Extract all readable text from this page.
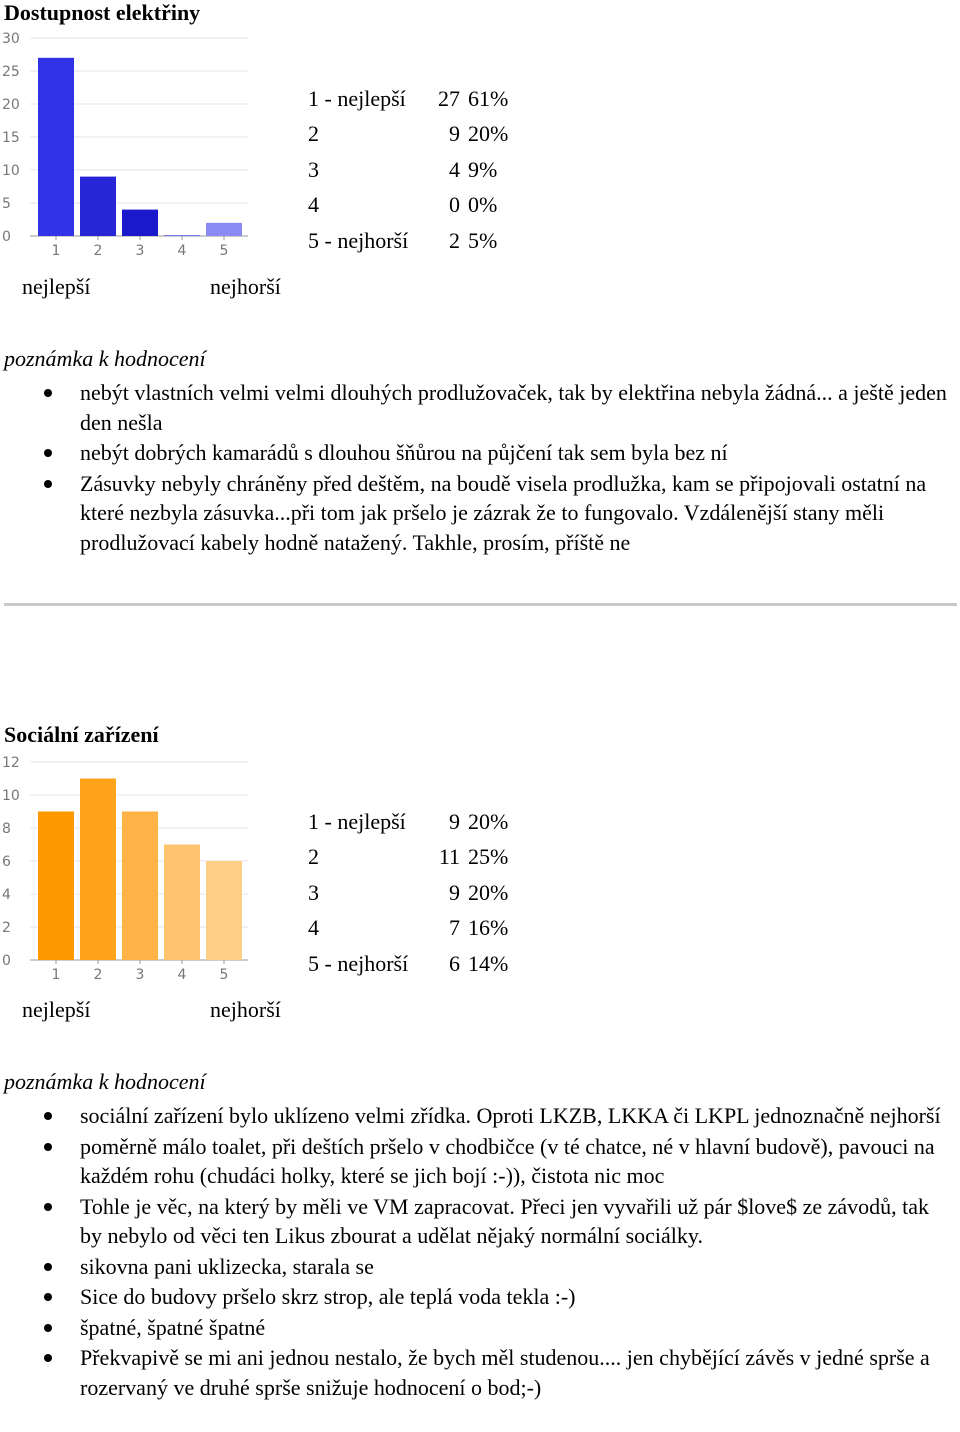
Dostupnost elektřiny
0
5
10
15
20
25
30
1 2 3 4 5
1 - nejlepší	27	61%
2	9	20%
3	4	9%
4	0	0%
5 - nejhorší	2	5%
nejlepší	nejhorší
poznámka k hodnocení
nebýt vlastních velmi velmi dlouhých prodlužovaček, tak by elektřina nebyla žádná... a ještě jeden den nešla
nebýt dobrých kamarádů s dlouhou šňůrou na půjčení tak sem byla bez ní
Zásuvky nebyly chráněny před deštěm, na boudě visela prodlužka, kam se připojovali ostatní na které nezbyla zásuvka...při tom jak pršelo je zázrak že to fungovalo. Vzdálenější stany měli prodlužovací kabely hodně natažený. Takhle, prosím, příště ne
Sociální zařízení
0
2
4
6
8
10
12
1 2 3 4 5
1 - nejlepší	9	20%
2	11	25%
3	9	20%
4	7	16%
5 - nejhorší	6	14%
nejlepší	nejhorší
poznámka k hodnocení
sociální zařízení bylo uklízeno velmi zřídka. Oproti LKZB, LKKA či LKPL jednoznačně nejhorší
poměrně málo toalet, při deštích pršelo v chodbičce (v té chatce, né v hlavní budově), pavouci na každém rohu (chudáci holky, které se jich bojí :-)), čistota nic moc
Tohle je věc, na který by měli ve VM zapracovat. Přeci jen vyvařili už pár $love$ ze závodů, tak by nebylo od věci ten Likus zbourat a udělat nějaký normální sociálky.
sikovna pani uklizecka, starala se
Sice do budovy pršelo skrz strop, ale teplá voda tekla :-)
špatné, špatné špatné
Překvapivě se mi ani jednou nestalo, že bych měl studenou.... jen chybějící závěs v jedné sprše a rozervaný ve druhé sprše snižuje hodnocení o bod;-)
